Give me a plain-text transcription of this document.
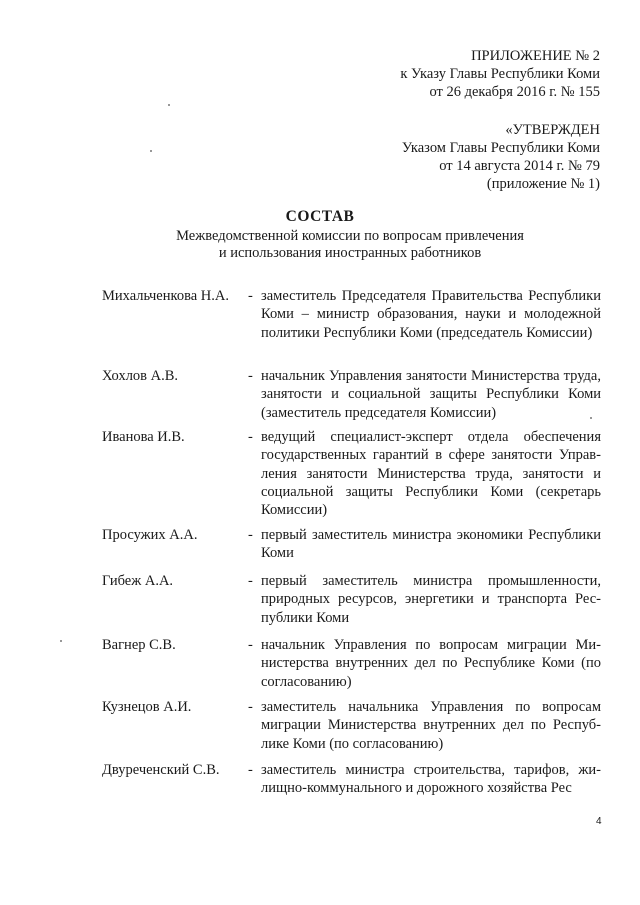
ПРИЛОЖЕНИЕ № 2
к Указу Главы Республики Коми
от 26 декабря 2016 г. № 155
«УТВЕРЖДЕН
Указом Главы Республики Коми
от 14 августа 2014 г. № 79
(приложение № 1)
СОСТАВ
Межведомственной комиссии по вопросам привлечения
и использования иностранных работников
Михальченкова Н.А. - заместитель Председателя Правительства Республики Коми – министр образования, науки и молодежной политики Республики Коми (председатель Комиссии)
Хохлов А.В.	- начальник Управления занятости Министерства труда, занятости и социальной защиты Республики Коми (заместитель председателя Комиссии)
Иванова И.В.	- ведущий специалист-эксперт отдела обеспечения государственных гарантий в сфере занятости Управления занятости Министерства труда, занятости и социальной защиты Республики Коми (секретарь Комиссии)
Просужих А.А.	- первый заместитель министра экономики Республики Коми
Гибеж А.А.	- первый заместитель министра промышленности, природных ресурсов, энергетики и транспорта Республики Коми
Вагнер С.В.	- начальник Управления по вопросам миграции Министерства внутренних дел по Республике Коми (по согласованию)
Кузнецов А.И.	- заместитель начальника Управления по вопросам миграции Министерства внутренних дел по Республике Коми (по согласованию)
Двуреченский С.В. - заместитель министра строительства, тарифов, жилищно-коммунального и дорожного хозяйства Рес
4
